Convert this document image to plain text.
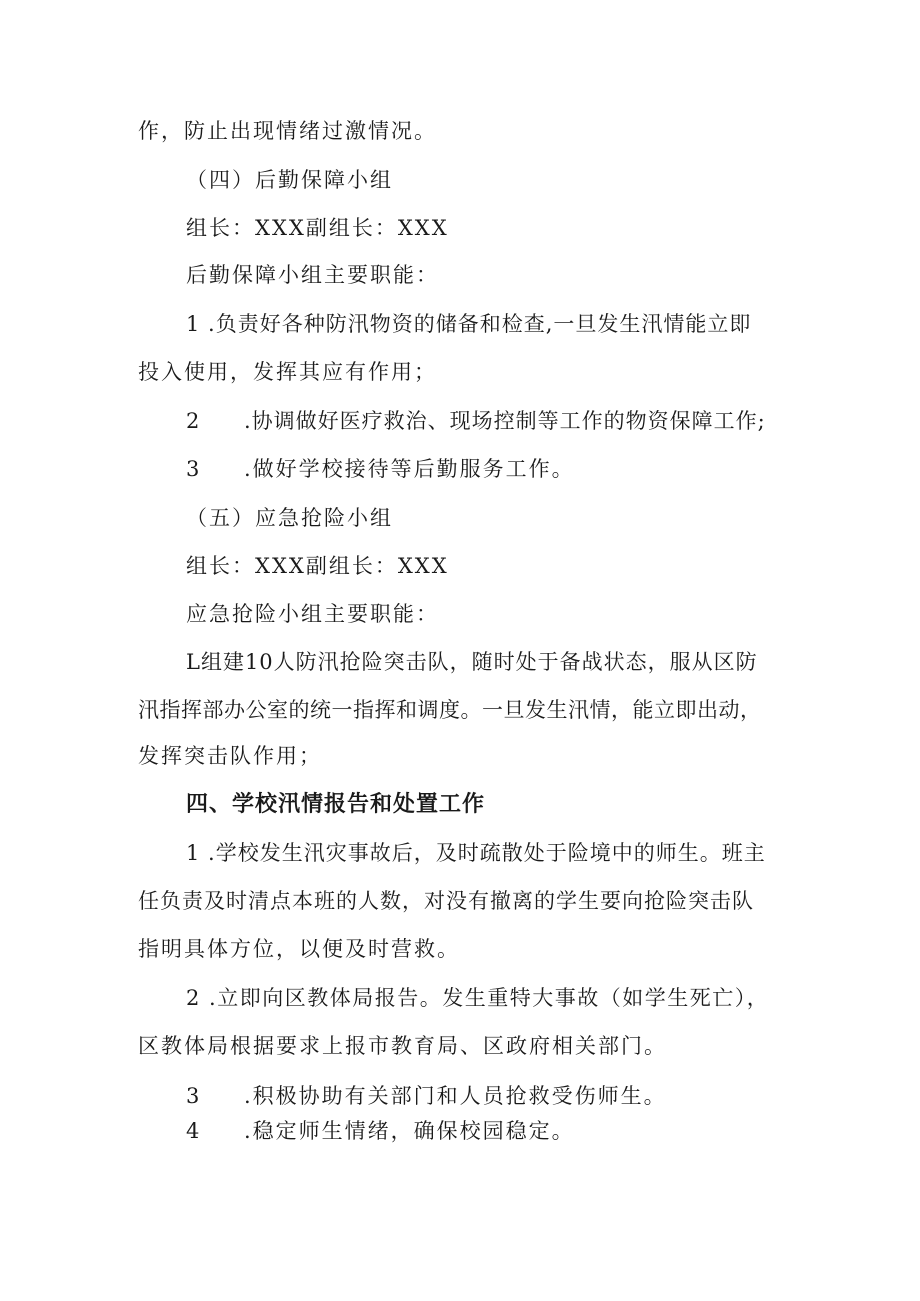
作，防止出现情绪过激情况。
（四）后勤保障小组
组长：XXX副组长：XXX
后勤保障小组主要职能：
1 .负责好各种防汛物资的储备和检查,一旦发生汛情能立即
投入使用，发挥其应有作用；
2 .协调做好医疗救治、现场控制等工作的物资保障工作;
3 .做好学校接待等后勤服务工作。
（五）应急抢险小组
组长：XXX副组长：XXX
应急抢险小组主要职能：
L组建10人防汛抢险突击队，随时处于备战状态，服从区防
汛指挥部办公室的统一指挥和调度。一旦发生汛情，能立即出动，
发挥突击队作用；
四、学校汛情报告和处置工作
1 .学校发生汛灾事故后，及时疏散处于险境中的师生。班主
任负责及时清点本班的人数，对没有撤离的学生要向抢险突击队
指明具体方位，以便及时营救。
2 .立即向区教体局报告。发生重特大事故（如学生死亡），
区教体局根据要求上报市教育局、区政府相关部门。
3 .积极协助有关部门和人员抢救受伤师生。
4 .稳定师生情绪，确保校园稳定。
